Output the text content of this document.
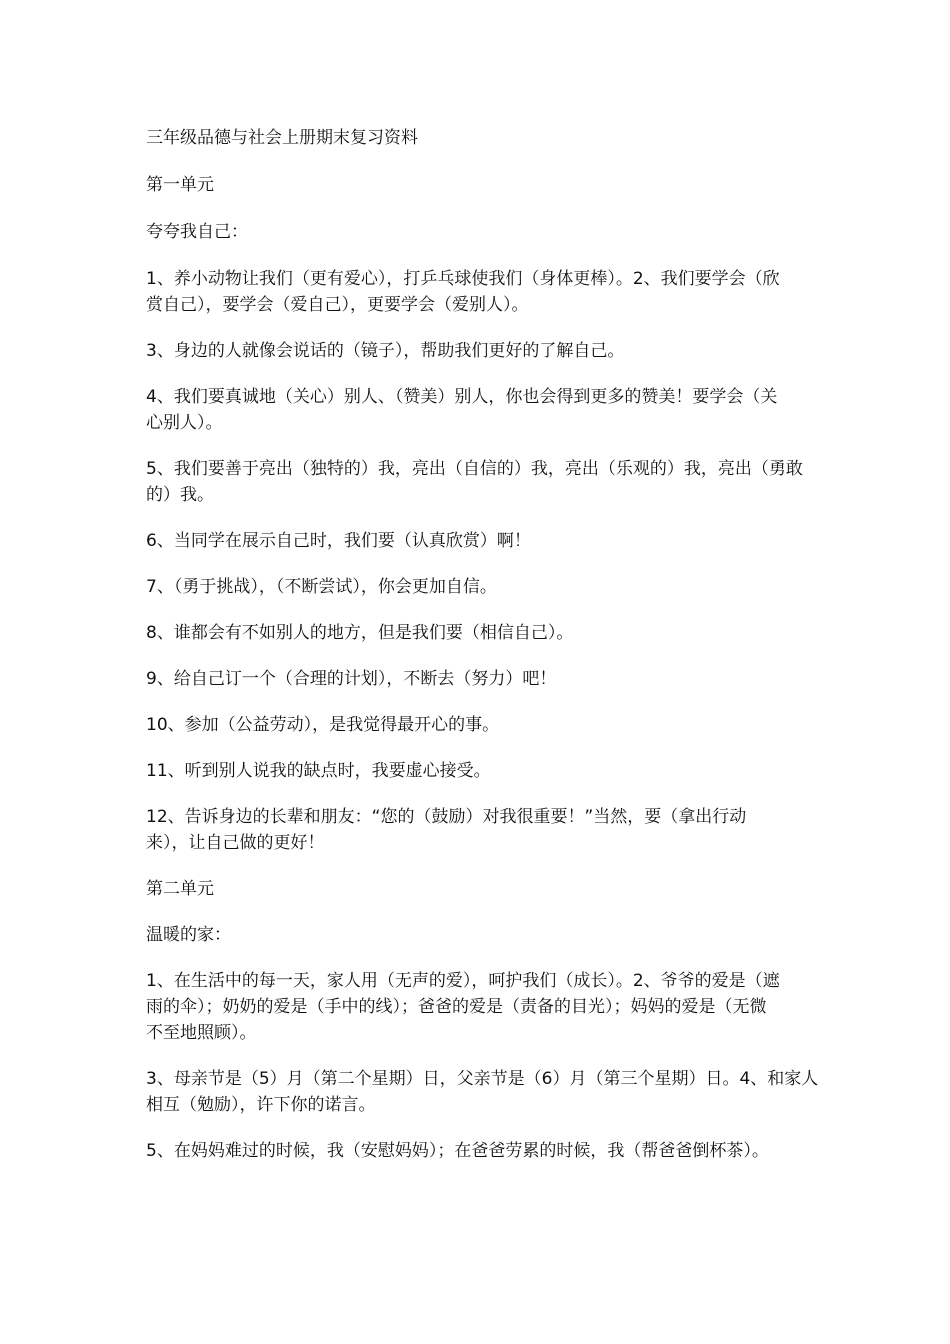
三年级品德与社会上册期末复习资料

第一单元

夸夸我自己：

1、养小动物让我们（更有爱心），打乒乓球使我们（身体更棒）。2、我们要学会（欣

赏自己），要学会（爱自己），更要学会（爱别人）。

3、身边的人就像会说话的（镜子），帮助我们更好的了解自己。

4、我们要真诚地（关心）别人、（赞美）别人，你也会得到更多的赞美！要学会（关

心别人）。

5、我们要善于亮出（独特的）我，亮出（自信的）我，亮出（乐观的）我，亮出（勇敢

的）我。

6、当同学在展示自己时，我们要（认真欣赏）啊！

7、（勇于挑战），（不断尝试），你会更加自信。

8、谁都会有不如别人的地方，但是我们要（相信自己）。

9、给自己订一个（合理的计划），不断去（努力）吧！

10、参加（公益劳动），是我觉得最开心的事。

11、听到别人说我的缺点时，我要虚心接受。

12、告诉身边的长辈和朋友：“您的（鼓励）对我很重要！”当然，要（拿出行动

来），让自己做的更好！

第二单元

温暖的家：

1、在生活中的每一天，家人用（无声的爱），呵护我们（成长）。2、爷爷的爱是（遮

雨的伞）；奶奶的爱是（手中的线）；爸爸的爱是（责备的目光）；妈妈的爱是（无微

不至地照顾）。

3、母亲节是（5）月（第二个星期）日，父亲节是（6）月（第三个星期）日。4、和家人

相互（勉励），许下你的诺言。

5、在妈妈难过的时候，我（安慰妈妈）；在爸爸劳累的时候，我（帮爸爸倒杯茶）。
